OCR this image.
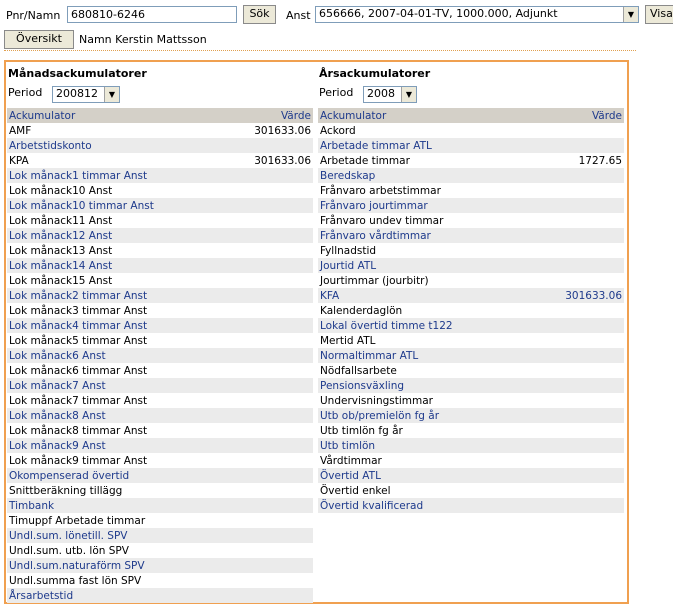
Pnr/Namn 680810-6246	Sök	Anst 656666, 2007-04-01-TV, 1000.000, Adjunkt	▼	Visa
Översikt	Namn Kerstin Mattsson
Månadsackumulatorer
Period	200812	▼
Ackumulator	Värde
AMF	301633.06
Arbetstidskonto	
KPA	301633.06
Lok månack1 timmar Anst	
Lok månack10 Anst	
Lok månack10 timmar Anst	
Lok månack11 Anst	
Lok månack12 Anst	
Lok månack13 Anst	
Lok månack14 Anst	
Lok månack15 Anst	
Lok månack2 timmar Anst	
Lok månack3 timmar Anst	
Lok månack4 timmar Anst	
Lok månack5 timmar Anst	
Lok månack6 Anst	
Lok månack6 timmar Anst	
Lok månack7 Anst	
Lok månack7 timmar Anst	
Lok månack8 Anst	
Lok månack8 timmar Anst	
Lok månack9 Anst	
Lok månack9 timmar Anst	
Okompenserad övertid	
Snittberäkning tillägg	
Timbank	
Timuppf Arbetade timmar	
Undl.sum. lönetill. SPV	
Undl.sum. utb. lön SPV	
Undl.sum.naturaförm SPV	
Undl.summa fast lön SPV	
Årsarbetstid	
Årsackumulatorer
Period	2008	▼
Ackumulator	Värde
Ackord	
Arbetade timmar ATL	
Arbetade timmar	1727.65
Beredskap	
Frånvaro arbetstimmar	
Frånvaro jourtimmar	
Frånvaro undev timmar	
Frånvaro vårdtimmar	
Fyllnadstid	
Jourtid ATL	
Jourtimmar (jourbitr)	
KFA	301633.06
Kalenderdaglön	
Lokal övertid timme t122	
Mertid ATL	
Normaltimmar ATL	
Nödfallsarbete	
Pensionsväxling	
Undervisningstimmar	
Utb ob/premielön fg år	
Utb timlön fg år	
Utb timlön	
Vårdtimmar	
Övertid ATL	
Övertid enkel	
Övertid kvalificerad	
